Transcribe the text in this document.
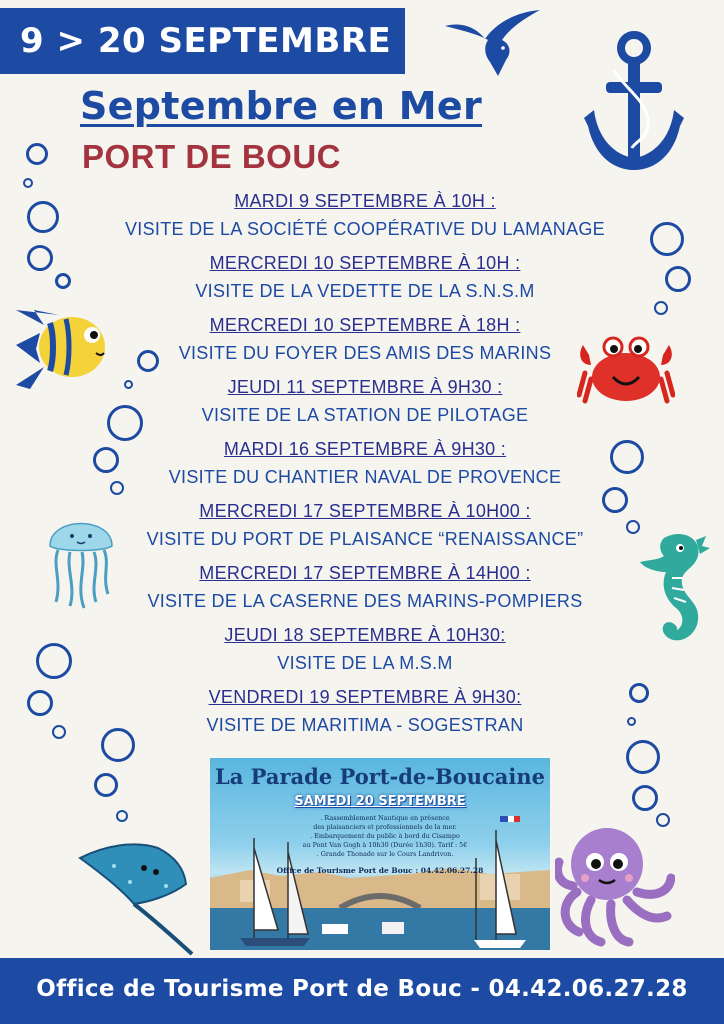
9 > 20 SEPTEMBRE
Septembre en Mer
PORT DE BOUC
MARDI 9 SEPTEMBRE À 10H :
VISITE DE LA SOCIÉTÉ COOPÉRATIVE DU LAMANAGE
MERCREDI 10 SEPTEMBRE À 10H :
VISITE DE LA VEDETTE DE LA S.N.S.M
MERCREDI 10 SEPTEMBRE À 18H :
VISITE DU FOYER DES AMIS DES MARINS
JEUDI 11 SEPTEMBRE À 9H30 :
VISITE DE LA STATION DE PILOTAGE
MARDI 16 SEPTEMBRE À 9H30 :
VISITE DU CHANTIER NAVAL DE PROVENCE
MERCREDI 17 SEPTEMBRE À 10H00 :
VISITE DU PORT DE PLAISANCE “RENAISSANCE”
MERCREDI 17 SEPTEMBRE À 14H00 :
VISITE DE LA CASERNE DES MARINS-POMPIERS
JEUDI 18 SEPTEMBRE À 10H30:
VISITE DE LA M.S.M
VENDREDI 19 SEPTEMBRE À 9H30:
VISITE DE MARITIMA - SOGESTRAN
La Parade Port-de-Boucaine
SAMEDI 20 SEPTEMBRE
. Rassemblement Nautique en présence
des plaisanciers et professionnels de la mer.
. Embarquement du public à bord du Cisampo
au Pont Van Gogh à 10h30 (Durée 1h30). Tarif : 5€
. Grande Thonade sur le Cours Landrivon.
Office de Tourisme Port de Bouc : 04.42.06.27.28
Office de Tourisme Port de Bouc - 04.42.06.27.28
